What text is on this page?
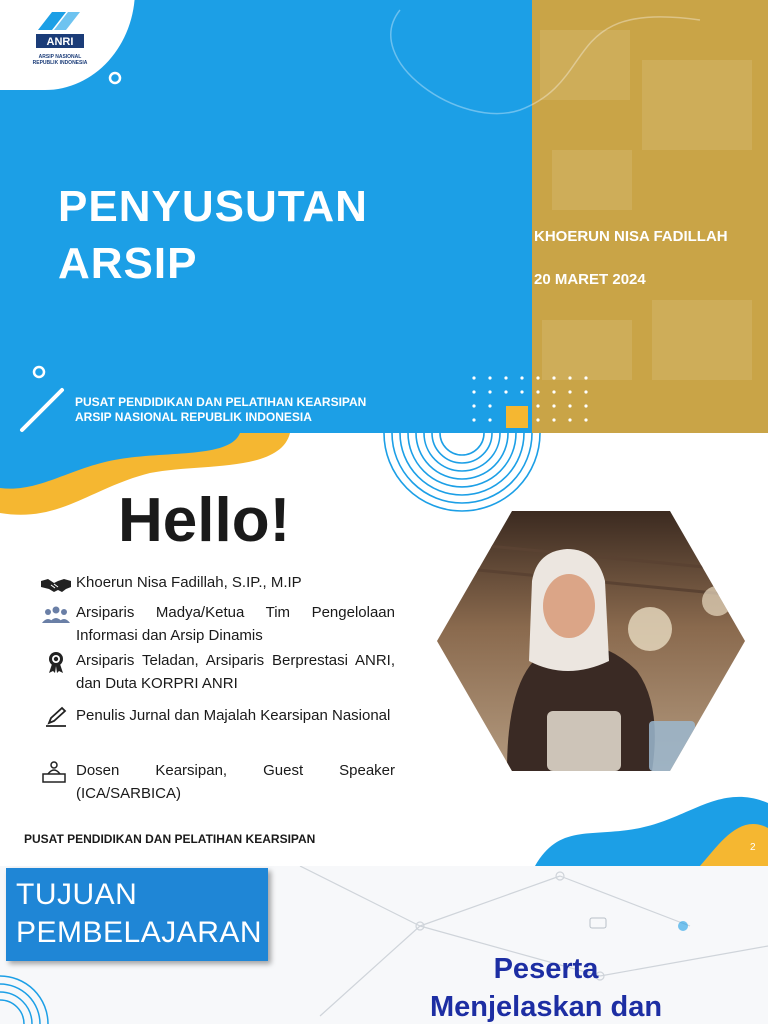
ANRI
ARSIP NASIONAL
REPUBLIK INDONESIA
PENYUSUTAN
ARSIP
KHOERUN NISA FADILLAH
20 MARET 2024
PUSAT PENDIDIKAN DAN PELATIHAN KEARSIPAN
ARSIP NASIONAL REPUBLIK INDONESIA
Hello!
Khoerun Nisa Fadillah, S.IP., M.IP
Arsiparis Madya/Ketua Tim Pengelolaan Informasi dan Arsip Dinamis
Arsiparis Teladan, Arsiparis Berprestasi ANRI, dan Duta KORPRI ANRI
Penulis Jurnal dan Majalah Kearsipan Nasional
Dosen Kearsipan, Guest Speaker (ICA/SARBICA)
PUSAT PENDIDIKAN DAN PELATIHAN KEARSIPAN
2
TUJUAN
PEMBELAJARAN
Peserta
Menjelaskan dan
